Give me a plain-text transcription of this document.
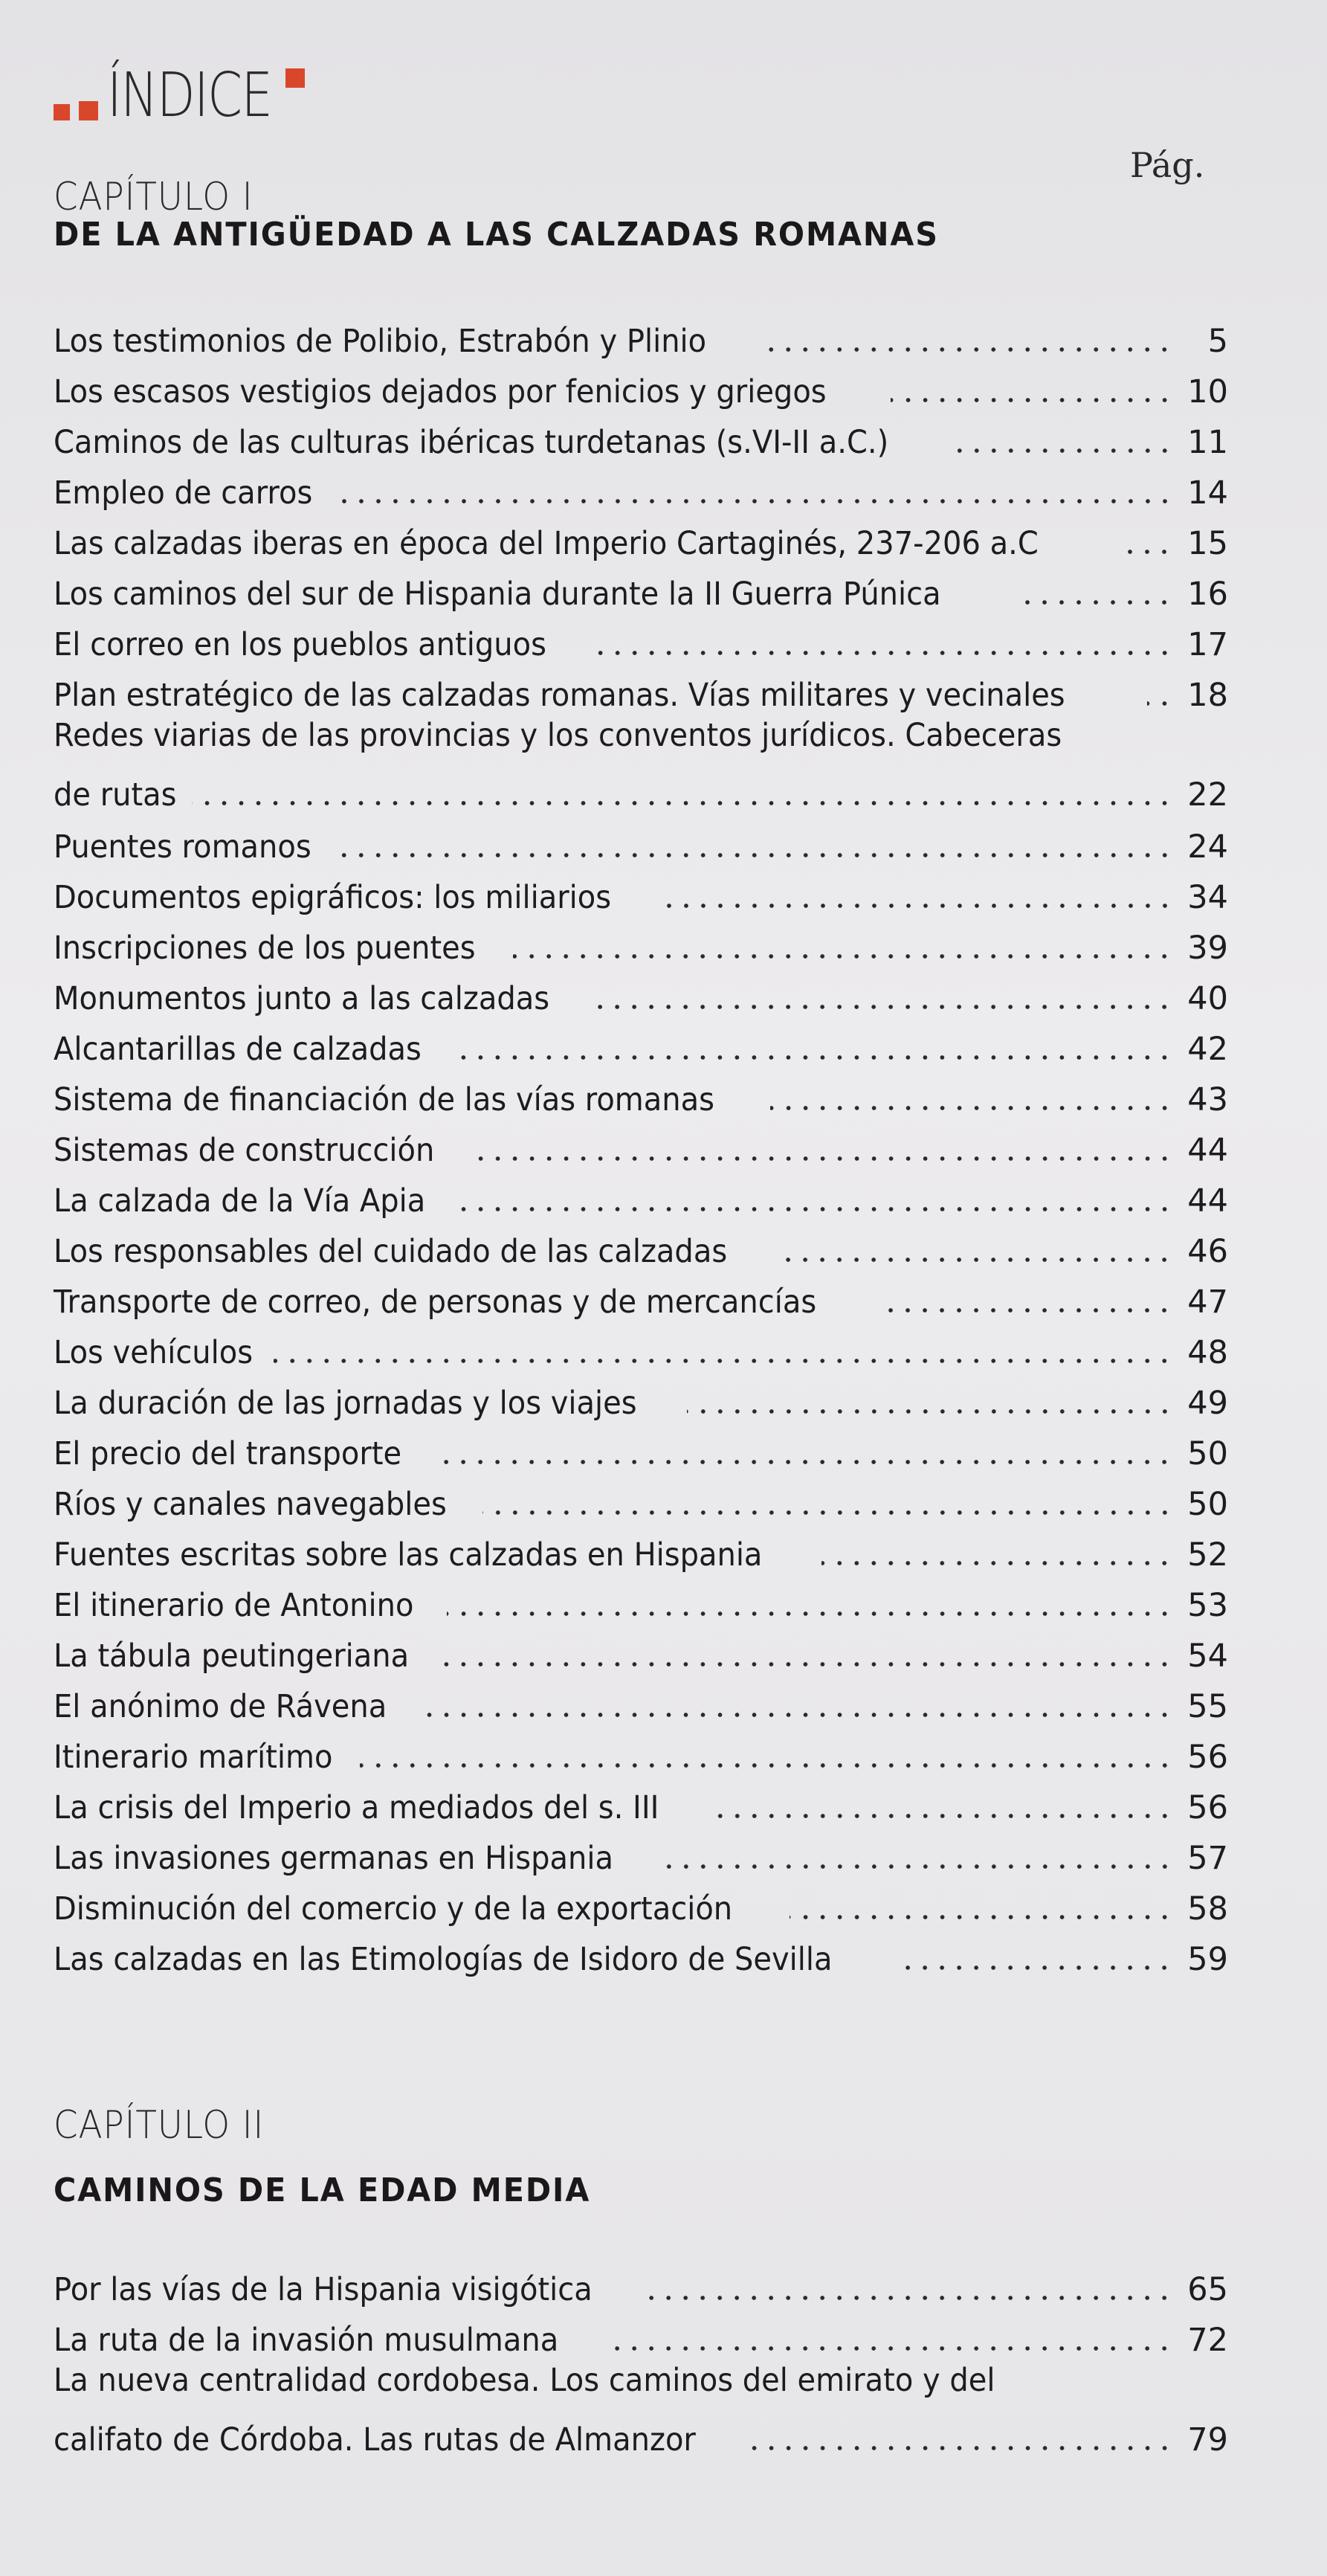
ÍNDICE
Pág.
CAPÍTULO I
DE LA ANTIGÜEDAD A LAS CALZADAS ROMANAS
Los testimonios de Polibio, Estrabón y Plinio	5
Los escasos vestigios dejados por fenicios y griegos	10
Caminos de las culturas ibéricas turdetanas (s.VI-II a.C.)	11
Empleo de carros	14
Las calzadas iberas en época del Imperio Cartaginés, 237-206 a.C	15
Los caminos del sur de Hispania durante la II Guerra Púnica	16
El correo en los pueblos antiguos	17
Plan estratégico de las calzadas romanas. Vías militares y vecinales	18
Redes viarias de las provincias y los conventos jurídicos. Cabeceras
de rutas	22
Puentes romanos	24
Documentos epigráficos: los miliarios	34
Inscripciones de los puentes	39
Monumentos junto a las calzadas	40
Alcantarillas de calzadas	42
Sistema de financiación de las vías romanas	43
Sistemas de construcción	44
La calzada de la Vía Apia	44
Los responsables del cuidado de las calzadas	46
Transporte de correo, de personas y de mercancías	47
Los vehículos	48
La duración de las jornadas y los viajes	49
El precio del transporte	50
Ríos y canales navegables	50
Fuentes escritas sobre las calzadas en Hispania	52
El itinerario de Antonino	53
La tábula peutingeriana	54
El anónimo de Rávena	55
Itinerario marítimo	56
La crisis del Imperio a mediados del s. III	56
Las invasiones germanas en Hispania	57
Disminución del comercio y de la exportación	58
Las calzadas en las Etimologías de Isidoro de Sevilla	59
CAPÍTULO II
CAMINOS DE LA EDAD MEDIA
Por las vías de la Hispania visigótica	65
La ruta de la invasión musulmana	72
La nueva centralidad cordobesa. Los caminos del emirato y del
califato de Córdoba. Las rutas de Almanzor	79
